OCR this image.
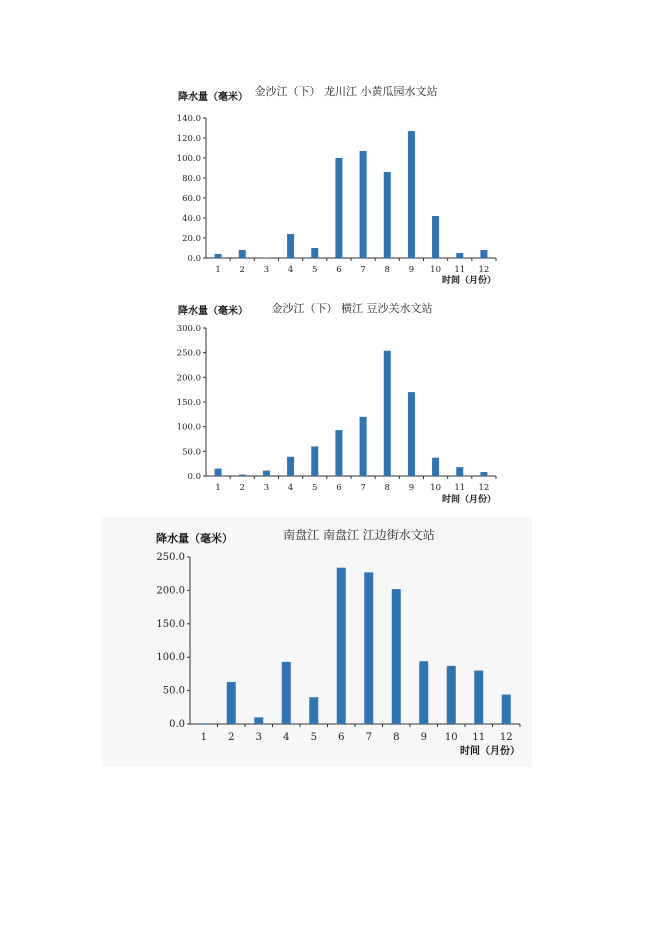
降水量（毫米） 金沙江（下） 龙川江 小黄瓜园水文站
0.0
20.0
40.0
60.0
80.0
100.0
120.0
140.0
1 2 3 4 5 6 7 8 9 10 11 12
时间（月份）
降水量（毫米） 金沙江（下） 横江 豆沙关水文站
0.0
50.0
100.0
150.0
200.0
250.0
300.0
1 2 3 4 5 6 7 8 9 10 11 12
时间（月份）
降水量（毫米）	南盘江 南盘江 江边街水文站
0.0
50.0
100.0
150.0
200.0
250.0
1 2 3 4 5 6 7 8 9 10 11 12
时间（月份）
